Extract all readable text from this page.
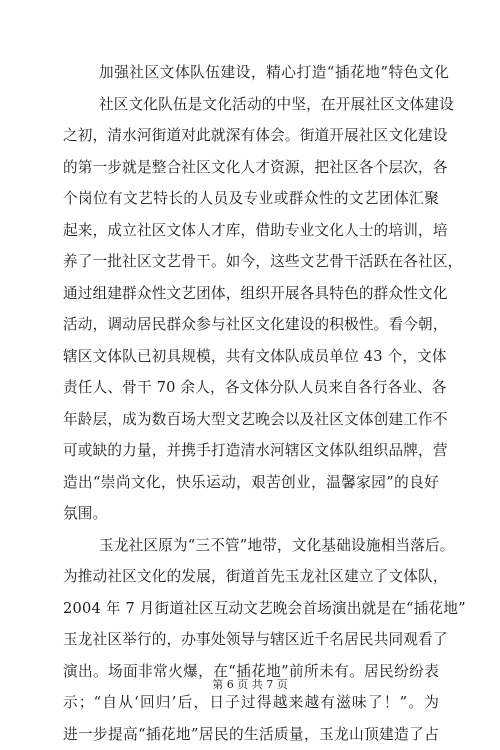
加强社区文体队伍建设，精心打造“插花地”特色文化
社区文化队伍是文化活动的中坚，在开展社区文体建设
之初，清水河街道对此就深有体会。街道开展社区文化建设
的第一步就是整合社区文化人才资源，把社区各个层次，各
个岗位有文艺特长的人员及专业或群众性的文艺团体汇聚
起来，成立社区文体人才库，借助专业文化人士的培训，培
养了一批社区文艺骨干。如今，这些文艺骨干活跃在各社区，
通过组建群众性文艺团体，组织开展各具特色的群众性文化
活动，调动居民群众参与社区文化建设的积极性。看今朝，
辖区文体队已初具规模，共有文体队成员单位 43 个，文体
责任人、骨干 70 余人，各文体分队人员来自各行各业、各
年龄层，成为数百场大型文艺晚会以及社区文体创建工作不
可或缺的力量，并携手打造清水河辖区文体队组织品牌，营
造出“崇尚文化，快乐运动，艰苦创业，温馨家园”的良好
氛围。
玉龙社区原为“三不管”地带，文化基础设施相当落后。
为推动社区文化的发展，街道首先玉龙社区建立了文体队，
2004 年 7 月街道社区互动文艺晚会首场演出就是在“插花地”
玉龙社区举行的，办事处领导与辖区近千名居民共同观看了
演出。场面非常火爆，在“插花地”前所未有。居民纷纷表
示；“自从‘回归’后，日子过得越来越有滋味了！”。为
进一步提高“插花地”居民的生活质量，玉龙山顶建造了占
第 6 页 共 7 页
